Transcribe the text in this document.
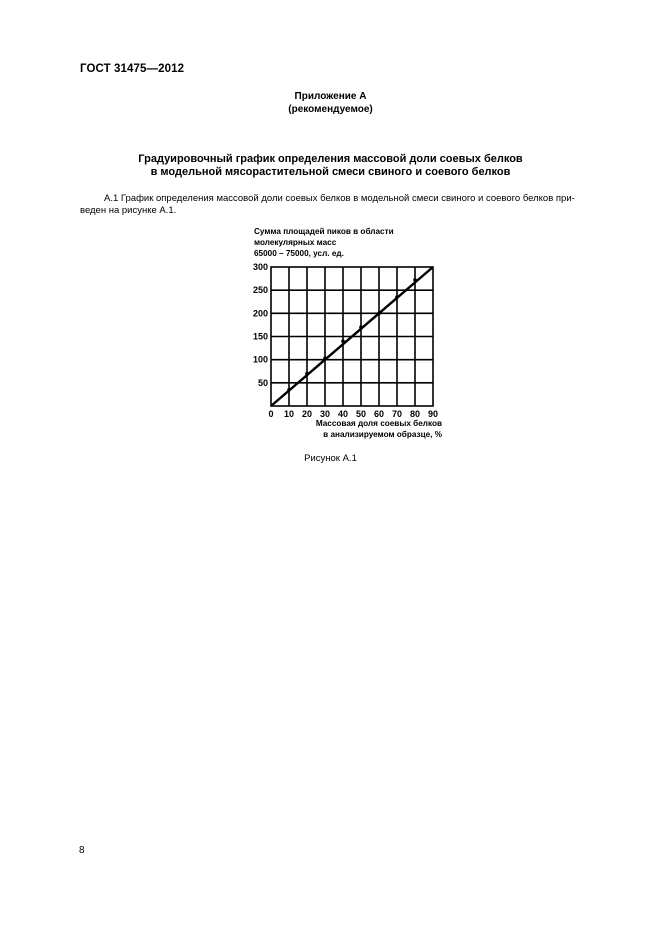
ГОСТ 31475—2012
Приложение А
(рекомендуемое)
Градуировочный график определения массовой доли соевых белков
в модельной мясорастительной смеси свиного и соевого белков
А.1 График определения массовой доли соевых белков в модельной смеси свиного и соевого белков при-
веден на рисунке А.1.
Сумма площадей пиков в области
молекулярных масс
65000 – 75000, усл. ед.
50
100
150
200
250
300
0 10 20 30 40 50 60 70 80 90
Массовая доля соевых белков
в анализируемом образце, %
Рисунок А.1
8
